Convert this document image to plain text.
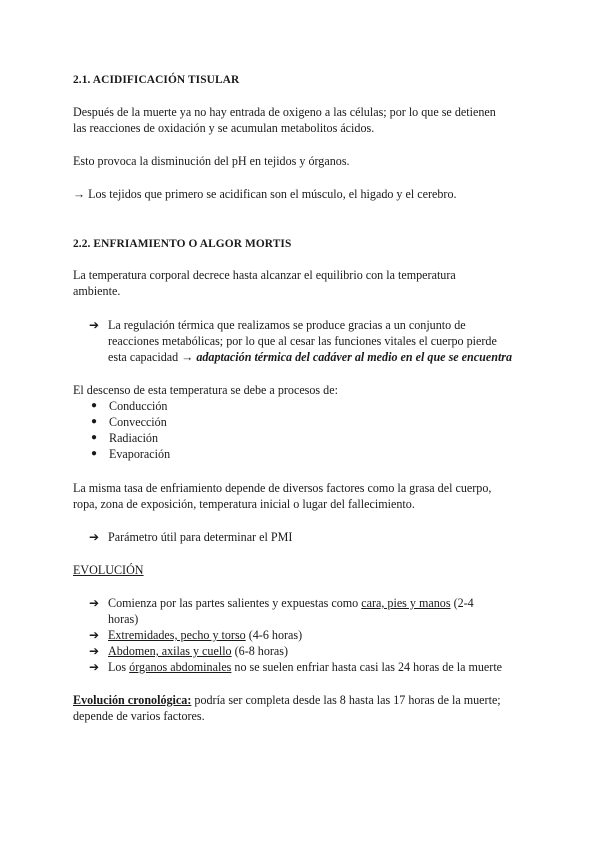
2.1. ACIDIFICACIÓN TISULAR
Después de la muerte ya no hay entrada de oxigeno a las células; por lo que se detienen
las reacciones de oxidación y se acumulan metabolitos ácidos.
Esto provoca la disminución del pH en tejidos y órganos.
→ Los tejidos que primero se acidifican son el músculo, el higado y el cerebro.
2.2. ENFRIAMIENTO O ALGOR MORTIS
La temperatura corporal decrece hasta alcanzar el equilibrio con la temperatura
ambiente.
➔ La regulación térmica que realizamos se produce gracias a un conjunto de
reacciones metabólicas; por lo que al cesar las funciones vitales el cuerpo pierde
esta capacidad → adaptación térmica del cadáver al medio en el que se encuentra
El descenso de esta temperatura se debe a procesos de:
● Conducción
● Convección
● Radiación
● Evaporación
La misma tasa de enfriamiento depende de diversos factores como la grasa del cuerpo,
ropa, zona de exposición, temperatura inicial o lugar del fallecimiento.
➔ Parámetro útil para determinar el PMI
EVOLUCIÓN
➔ Comienza por las partes salientes y expuestas como cara, pies y manos (2-4
horas)
➔ Extremidades, pecho y torso (4-6 horas)
➔ Abdomen, axilas y cuello (6-8 horas)
➔ Los órganos abdominales no se suelen enfriar hasta casi las 24 horas de la muerte
Evolución cronológica: podría ser completa desde las 8 hasta las 17 horas de la muerte;
depende de varios factores.
